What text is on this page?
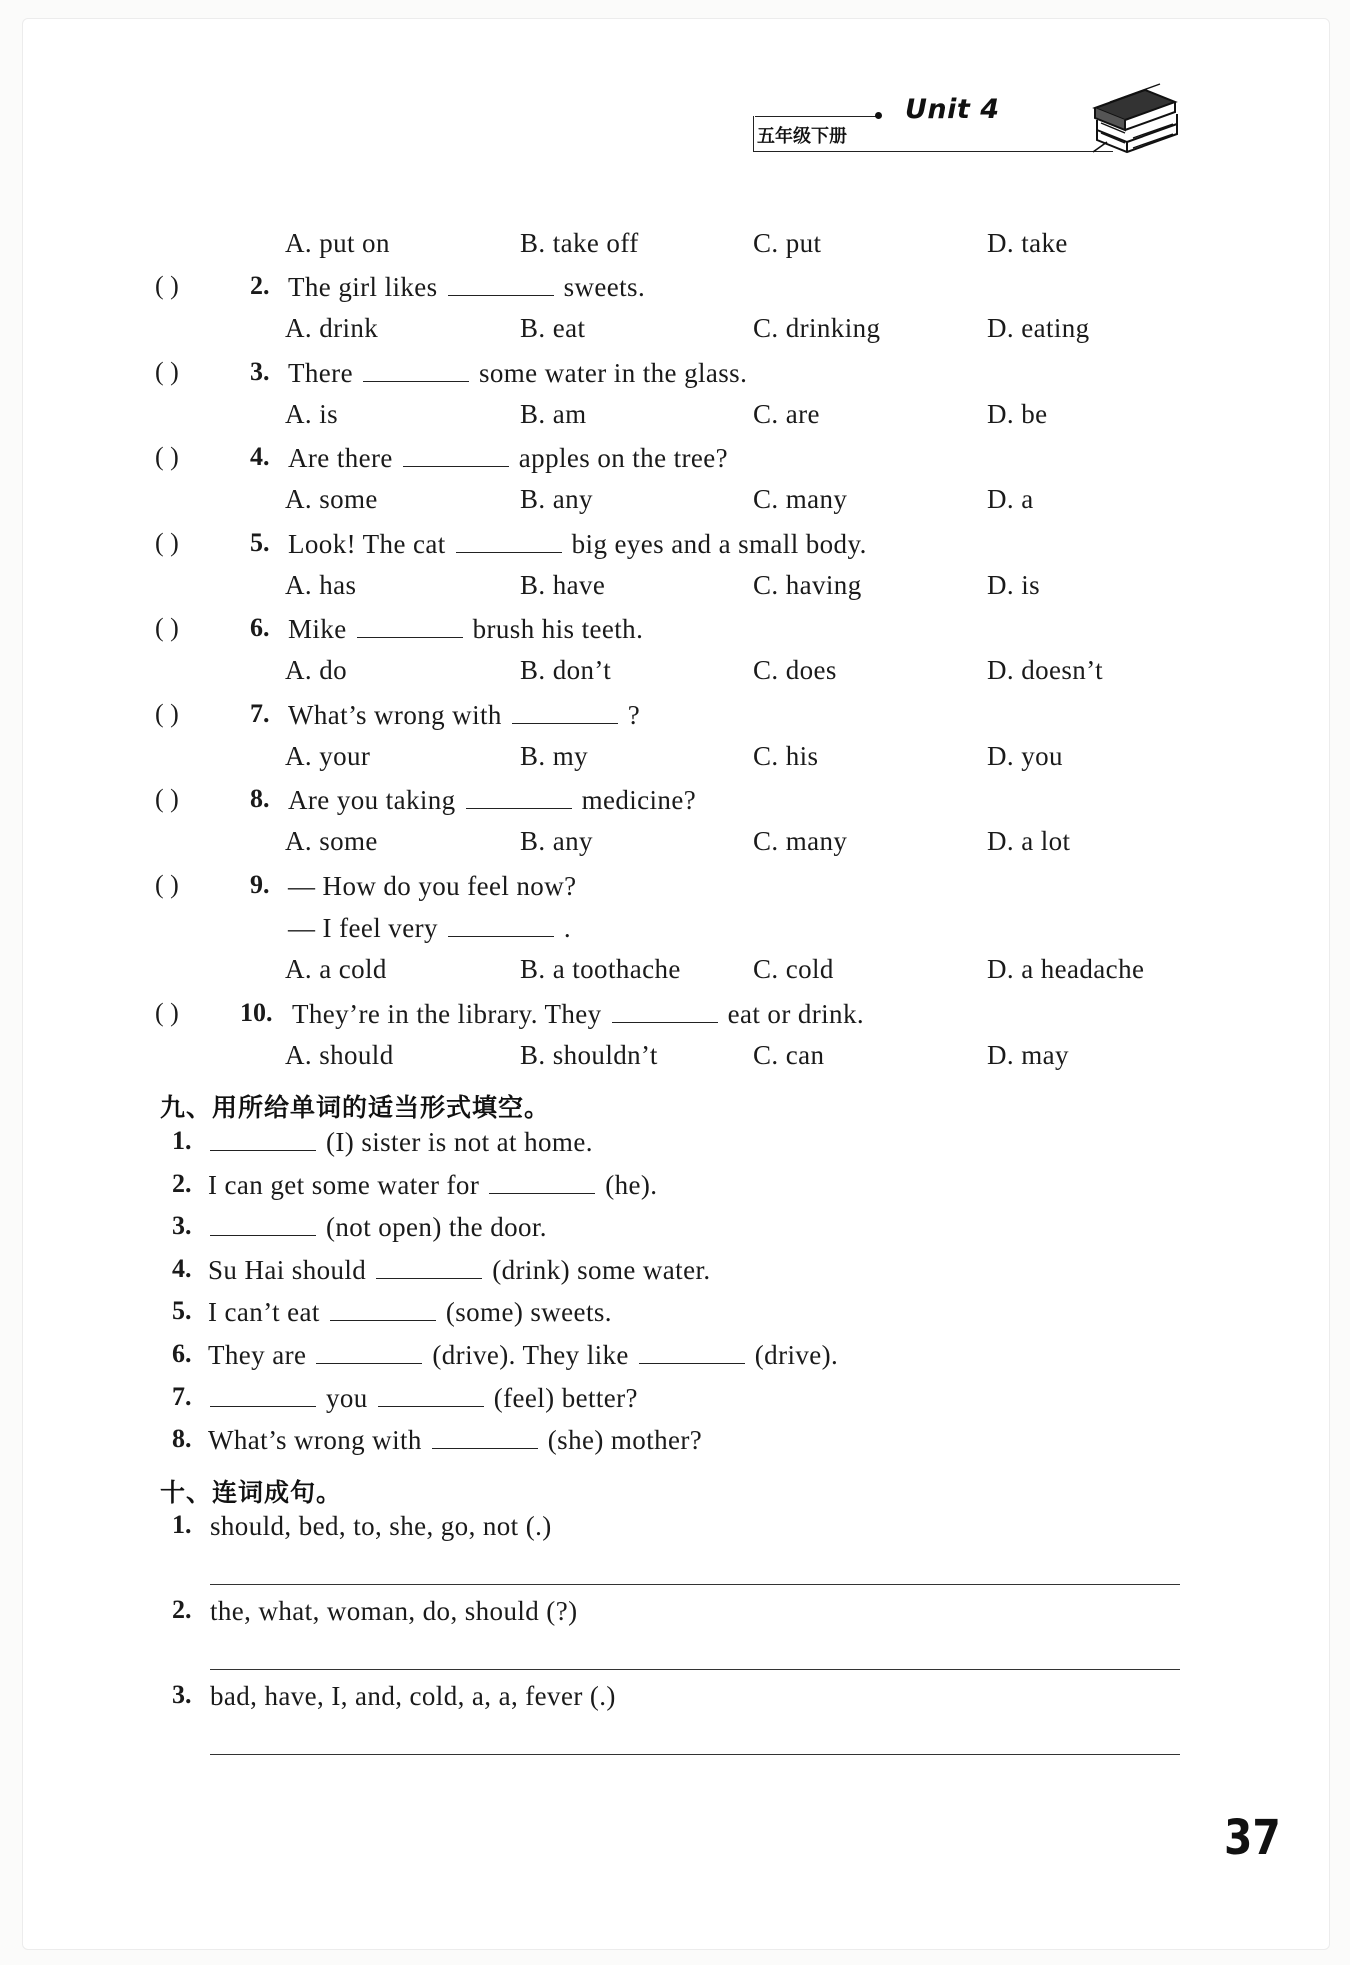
五年级下册
Unit 4
A. put on	B. take off	C. put	D. take
( )	2. The girl likes	sweets.
A. drink	B. eat	C. drinking	D. eating
( )	3. There	some water in the glass.
A. is	B. am	C. are	D. be
( )	4. Are there	apples on the tree?
A. some	B. any	C. many	D. a
( )	5. Look! The cat	big eyes and a small body.
A. has	B. have	C. having	D. is
( )	6. Mike	brush his teeth.
A. do	B. don’t	C. does	D. doesn’t
( )	7. What’s wrong with	?
A. your	B. my	C. his	D. you
( )	8. Are you taking	medicine?
A. some	B. any	C. many	D. a lot
( )	9. — How do you feel now?
— I feel very	.
A. a cold	B. a toothache	C. cold	D. a headache
( ) 10. They’re in the library. They	eat or drink.
A. should	B. shouldn’t	C. can	D. may
九、用所给单词的适当形式填空。
1.	(I) sister is not at home.
2. I can get some water for	(he).
3.	(not open) the door.
4. Su Hai should	(drink) some water.
5. I can’t eat	(some) sweets.
6. They are	(drive). They like	(drive).
7.	you	(feel) better?
8. What’s wrong with	(she) mother?
十、连词成句。
1. should, bed, to, she, go, not (.)
2. the, what, woman, do, should (?)
3. bad, have, I, and, cold, a, a, fever (.)
37
